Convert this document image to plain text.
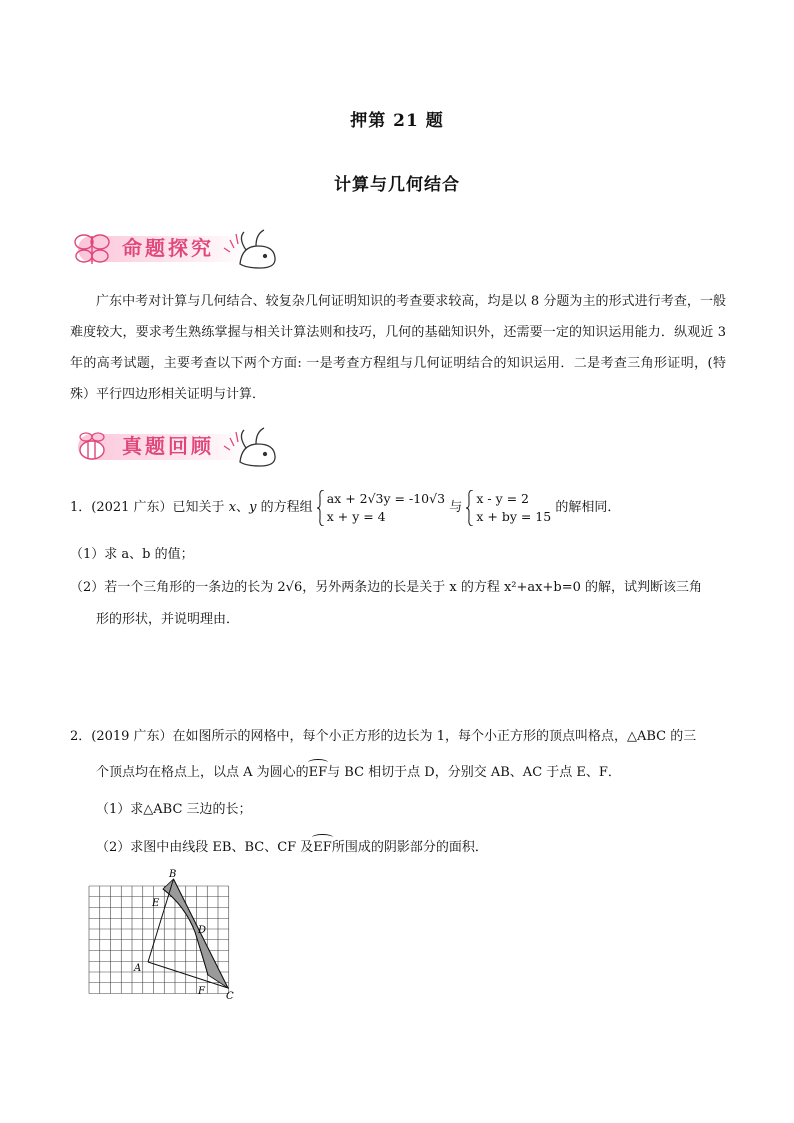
押第 21 题
计算与几何结合
命题探究
广东中考对计算与几何结合、较复杂几何证明知识的考查要求较高，均是以 8 分题为主的形式进行考查，一般难度较大，要求考生熟练掌握与相关计算法则和技巧，几何的基础知识外，还需要一定的知识运用能力．纵观近 3 年的高考试题，主要考查以下两个方面: 一是考查方程组与几何证明结合的知识运用．二是考查三角形证明，(特殊）平行四边形相关证明与计算．
真题回顾
1．(2021 广东）已知关于 x、y 的方程组
ax + 2√3y = -10√3
x + y = 4
与
x - y = 2
x + by = 15
的解相同．
（1）求 a、b 的值；
（2）若一个三角形的一条边的长为 2√6，另外两条边的长是关于 x 的方程 x²+ax+b=0 的解，试判断该三角
形的形状，并说明理由．
2．(2019 广东）在如图所示的网格中，每个小正方形的边长为 1，每个小正方形的顶点叫格点，△ABC 的三
个顶点均在格点上，以点 A 为圆心的EF与 BC 相切于点 D，分别交 AB、AC 于点 E、F．
（1）求△ABC 三边的长；
（2）求图中由线段 EB、BC、CF 及EF所围成的阴影部分的面积．
B
E
D
A
F C
